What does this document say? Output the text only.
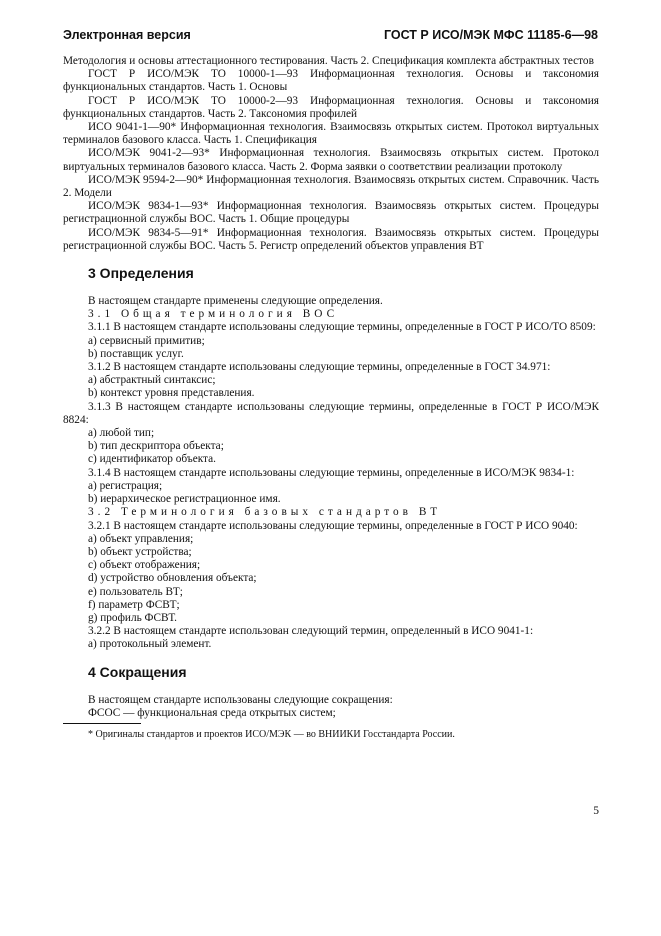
Электронная версия	ГОСТ Р ИСО/МЭК МФС 11185-6—98

Методология и основы аттестационного тестирования. Часть 2. Спецификация комплекта абстрактных тестов

ГОСТ Р ИСО/МЭК ТО 10000-1—93 Информационная технология. Основы и таксономия функциональных стандартов. Часть 1. Основы

ГОСТ Р ИСО/МЭК ТО 10000-2—93 Информационная технология. Основы и таксономия функциональных стандартов. Часть 2. Таксономия профилей

ИСО 9041-1—90* Информационная технология. Взаимосвязь открытых систем. Протокол виртуальных терминалов базового класса. Часть 1. Спецификация

ИСО/МЭК 9041-2—93* Информационная технология. Взаимосвязь открытых систем. Протокол виртуальных терминалов базового класса. Часть 2. Форма заявки о соответствии реализации протоколу

ИСО/МЭК 9594-2—90* Информационная технология. Взаимосвязь открытых систем. Справочник. Часть 2. Модели

ИСО/МЭК 9834-1—93* Информационная технология. Взаимосвязь открытых систем. Процедуры регистрационной службы ВОС. Часть 1. Общие процедуры

ИСО/МЭК 9834-5—91* Информационная технология. Взаимосвязь открытых систем. Процедуры регистрационной службы ВОС. Часть 5. Регистр определений объектов управления ВТ

3 Определения

В настоящем стандарте применены следующие определения.

3.1 Общая терминология ВОС

3.1.1 В настоящем стандарте использованы следующие термины, определенные в ГОСТ Р ИСО/ТО 8509:

a) сервисный примитив;

b) поставщик услуг.

3.1.2 В настоящем стандарте использованы следующие термины, определенные в ГОСТ 34.971:

a) абстрактный синтаксис;

b) контекст уровня представления.

3.1.3 В настоящем стандарте использованы следующие термины, определенные в ГОСТ Р ИСО/МЭК 8824:

a) любой тип;

b) тип дескриптора объекта;

c) идентификатор объекта.

3.1.4 В настоящем стандарте использованы следующие термины, определенные в ИСО/МЭК 9834-1:

a) регистрация;

b) иерархическое регистрационное имя.

3.2 Терминология базовых стандартов ВТ

3.2.1 В настоящем стандарте использованы следующие термины, определенные в ГОСТ Р ИСО 9040:

a) объект управления;

b) объект устройства;

c) объект отображения;

d) устройство обновления объекта;

e) пользователь ВТ;

f) параметр ФСВТ;

g) профиль ФСВТ.

3.2.2 В настоящем стандарте использован следующий термин, определенный в ИСО 9041-1:

a) протокольный элемент.

4 Сокращения

В настоящем стандарте использованы следующие сокращения:

ФСОС — функциональная среда открытых систем;

* Оригиналы стандартов и проектов ИСО/МЭК — во ВНИИКИ Госстандарта России.

5
